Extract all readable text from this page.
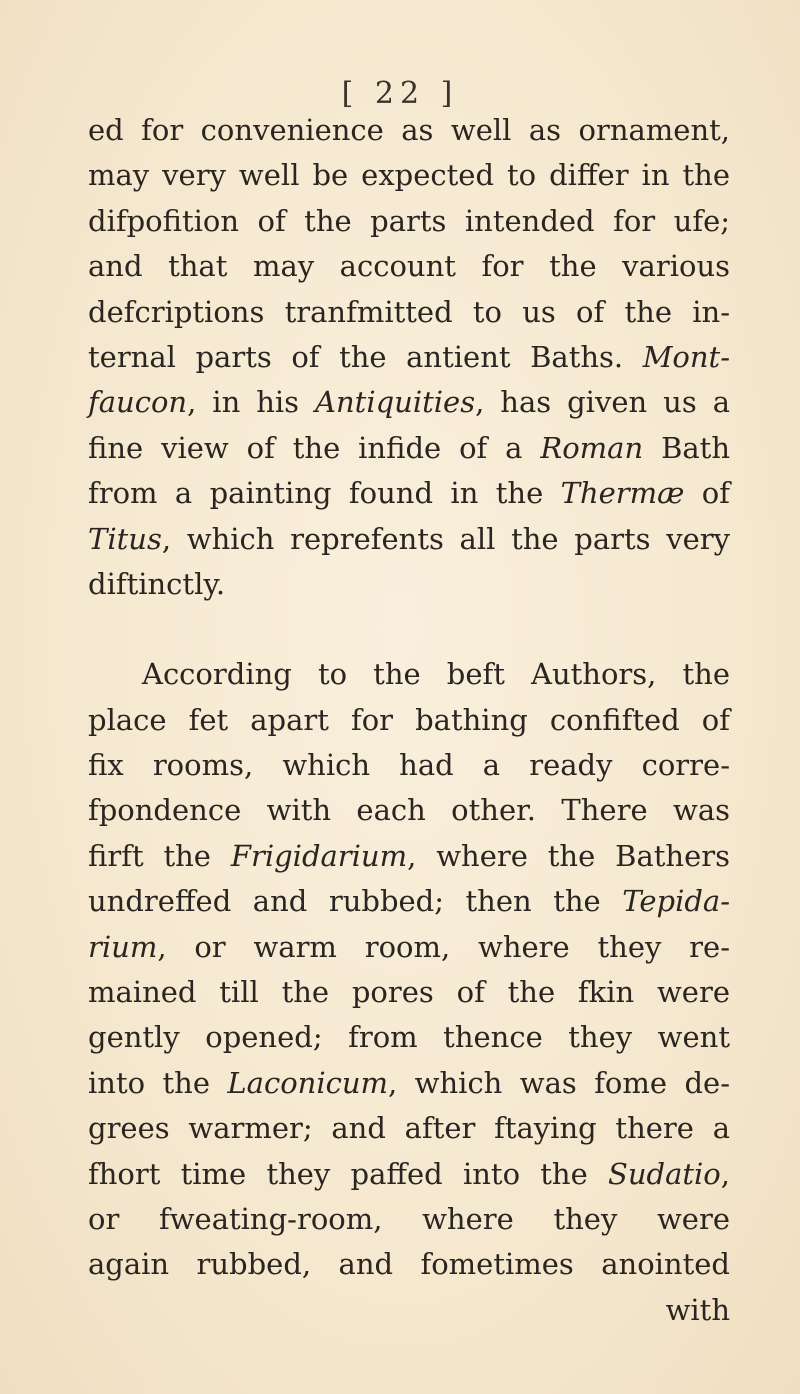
[ 22 ]
ed for convenience as well as ornament,
may very well be expected to differ in the
difpofition of the parts intended for ufe;
and that may account for the various
defcriptions tranfmitted to us of the in-
ternal parts of the antient Baths. Mont-
faucon, in his Antiquities, has given us a
fine view of the infide of a Roman Bath
from a painting found in the Thermæ of
Titus, which reprefents all the parts very
diftinctly.
According to the beft Authors, the
place fet apart for bathing confifted of
fix rooms, which had a ready corre-
fpondence with each other. There was
firft the Frigidarium, where the Bathers
undreffed and rubbed; then the Tepida-
rium, or warm room, where they re-
mained till the pores of the fkin were
gently opened; from thence they went
into the Laconicum, which was fome de-
grees warmer; and after ftaying there a
fhort time they paffed into the Sudatio,
or fweating-room, where they were
again rubbed, and fometimes anointed
with
